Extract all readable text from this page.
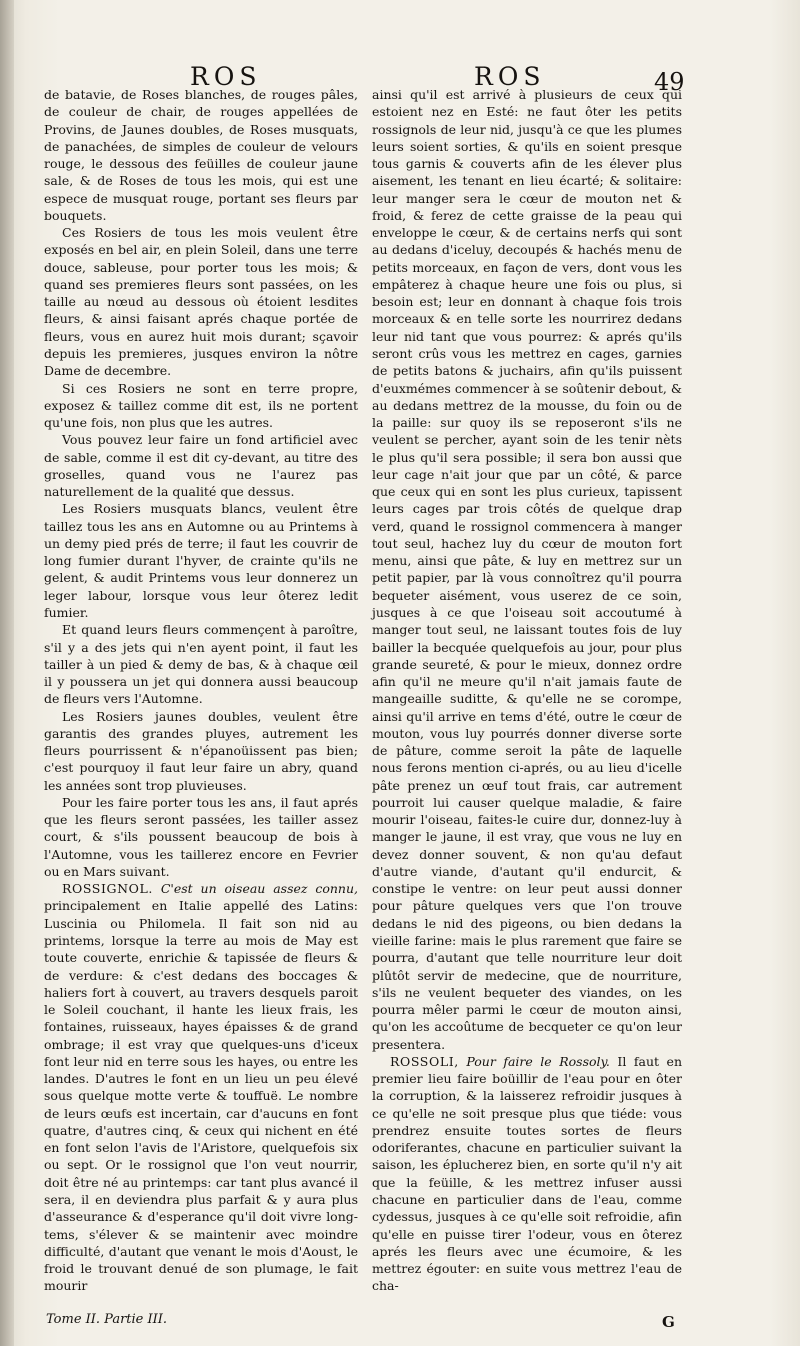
ROS	ROS	49

de batavie, de Roses blanches, de rouges pâles, de couleur de chair, de rouges appellées de Provins, de Jaunes doubles, de Roses musquats, de panachées, de simples de couleur de velours rouge, le dessous des feüilles de couleur jaune sale, & de Roses de tous les mois, qui est une espece de musquat rouge, portant ses fleurs par bouquets.

Ces Rosiers de tous les mois veulent être exposés en bel air, en plein Soleil, dans une terre douce, sableuse, pour porter tous les mois; & quand ses premieres fleurs sont passées, on les taille au nœud au dessous où étoient lesdites fleurs, & ainsi faisant aprés chaque portée de fleurs, vous en aurez huit mois durant; sçavoir depuis les premieres, jusques environ la nôtre Dame de decembre.

Si ces Rosiers ne sont en terre propre, exposez & taillez comme dit est, ils ne portent qu'une fois, non plus que les autres.

Vous pouvez leur faire un fond artificiel avec de sable, comme il est dit cy-devant, au titre des groselles, quand vous ne l'aurez pas naturellement de la qualité que dessus.

Les Rosiers musquats blancs, veulent être taillez tous les ans en Automne ou au Printems à un demy pied prés de terre; il faut les couvrir de long fumier durant l'hyver, de crainte qu'ils ne gelent, & audit Printems vous leur donnerez un leger labour, lorsque vous leur ôterez ledit fumier.

Et quand leurs fleurs commençent à paroître, s'il y a des jets qui n'en ayent point, il faut les tailler à un pied & demy de bas, & à chaque œil il y poussera un jet qui donnera aussi beaucoup de fleurs vers l'Automne.

Les Rosiers jaunes doubles, veulent être garantis des grandes pluyes, autrement les fleurs pourrissent & n'épanoüissent pas bien; c'est pourquoy il faut leur faire un abry, quand les années sont trop pluvieuses.

Pour les faire porter tous les ans, il faut aprés que les fleurs seront passées, les tailler assez court, & s'ils poussent beaucoup de bois à l'Automne, vous les taillerez encore en Fevrier ou en Mars suivant.

ROSSIGNOL. C'est un oiseau assez connu, principalement en Italie appellé des Latins: Luscinia ou Philomela. Il fait son nid au printems, lorsque la terre au mois de May est toute couverte, enrichie & tapissée de fleurs & de verdure: & c'est dedans des boccages & haliers fort à couvert, au travers desquels paroit le Soleil couchant, il hante les lieux frais, les fontaines, ruisseaux, hayes épaisses & de grand ombrage; il est vray que quelques-uns d'iceux font leur nid en terre sous les hayes, ou entre les landes. D'autres le font en un lieu un peu élevé sous quelque motte verte & touffuë. Le nombre de leurs œufs est incertain, car d'aucuns en font quatre, d'autres cinq, & ceux qui nichent en été en font selon l'avis de l'Aristore, quelquefois six ou sept. Or le rossignol que l'on veut nourrir, doit être né au printemps: car tant plus avancé il sera, il en deviendra plus parfait & y aura plus d'asseurance & d'esperance qu'il doit vivre long-tems, s'élever & se maintenir avec moindre difficulté, d'autant que venant le mois d'Aoust, le froid le trouvant denué de son plumage, le fait mourir

ainsi qu'il est arrivé à plusieurs de ceux qui estoient nez en Esté: ne faut ôter les petits rossignols de leur nid, jusqu'à ce que les plumes leurs soient sorties, & qu'ils en soient presque tous garnis & couverts afin de les élever plus aisement, les tenant en lieu écarté; & solitaire: leur manger sera le cœur de mouton net & froid, & ferez de cette graisse de la peau qui enveloppe le cœur, & de certains nerfs qui sont au dedans d'iceluy, decoupés & hachés menu de petits morceaux, en façon de vers, dont vous les empâterez à chaque heure une fois ou plus, si besoin est; leur en donnant à chaque fois trois morceaux & en telle sorte les nourrirez dedans leur nid tant que vous pourrez: & aprés qu'ils seront crûs vous les mettrez en cages, garnies de petits batons & juchairs, afin qu'ils puissent d'euxmémes commencer à se soûtenir debout, & au dedans mettrez de la mousse, du foin ou de la paille: sur quoy ils se reposeront s'ils ne veulent se percher, ayant soin de les tenir nèts le plus qu'il sera possible; il sera bon aussi que leur cage n'ait jour que par un côté, & parce que ceux qui en sont les plus curieux, tapissent leurs cages par trois côtés de quelque drap verd, quand le rossignol commencera à manger tout seul, hachez luy du cœur de mouton fort menu, ainsi que pâte, & luy en mettrez sur un petit papier, par là vous connoîtrez qu'il pourra bequeter aisément, vous userez de ce soin, jusques à ce que l'oiseau soit accoutumé à manger tout seul, ne laissant toutes fois de luy bailler la becquée quelquefois au jour, pour plus grande seureté, & pour le mieux, donnez ordre afin qu'il ne meure qu'il n'ait jamais faute de mangeaille suditte, & qu'elle ne se corompe, ainsi qu'il arrive en tems d'été, outre le cœur de mouton, vous luy pourrés donner diverse sorte de pâture, comme seroit la pâte de laquelle nous ferons mention ci-aprés, ou au lieu d'icelle pâte prenez un œuf tout frais, car autrement pourroit lui causer quelque maladie, & faire mourir l'oiseau, faites-le cuire dur, donnez-luy à manger le jaune, il est vray, que vous ne luy en devez donner souvent, & non qu'au defaut d'autre viande, d'autant qu'il endurcit, & constipe le ventre: on leur peut aussi donner pour pâture quelques vers que l'on trouve dedans le nid des pigeons, ou bien dedans la vieille farine: mais le plus rarement que faire se pourra, d'autant que telle nourriture leur doit plûtôt servir de medecine, que de nourriture, s'ils ne veulent bequeter des viandes, on les pourra mêler parmi le cœur de mouton ainsi, qu'on les accoûtume de becqueter ce qu'on leur presentera.

ROSSOLI, Pour faire le Rossoly. Il faut en premier lieu faire boüillir de l'eau pour en ôter la corruption, & la laisserez refroidir jusques à ce qu'elle ne soit presque plus que tiéde: vous prendrez ensuite toutes sortes de fleurs odoriferantes, chacune en particulier suivant la saison, les éplucherez bien, en sorte qu'il n'y ait que la feüille, & les mettrez infuser aussi chacune en particulier dans de l'eau, comme cydessus, jusques à ce qu'elle soit refroidie, afin qu'elle en puisse tirer l'odeur, vous en ôterez aprés les fleurs avec une écumoire, & les mettrez égouter: en suite vous mettrez l'eau de cha-

Tome II. Partie III.	G
